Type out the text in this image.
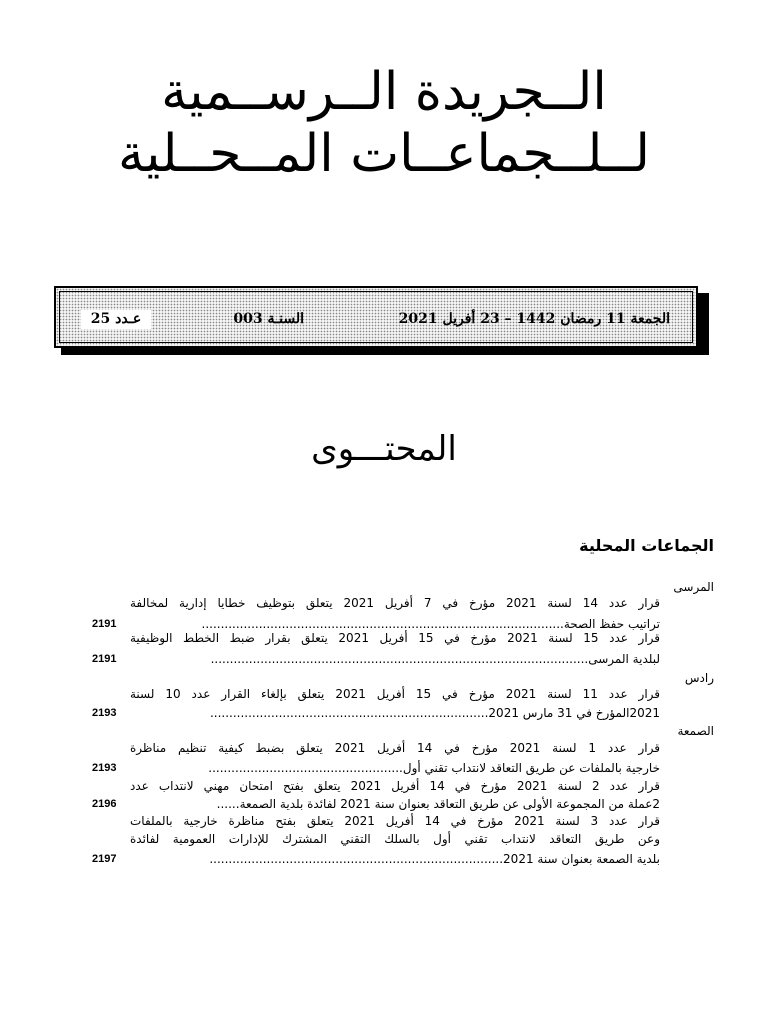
الــجريدة الــرســمية
لــلــجماعــات المــحــلية
الجمعة 11 رمضان 1442 – 23 أفريل 2021
السنـة 003
عـدد 25
المحتـــوى
الجماعات المحلية
المرسى
قرار عدد 14 لسنة 2021 مؤرخ في 7 أفريل 2021 يتعلق بتوظيف خطايا إدارية لمخالفة
تراتيب حفظ الصحة...............................................................................................
2191
قرار عدد 15 لسنة 2021 مؤرخ في 15 أفريل 2021 يتعلق بقرار ضبط الخطط الوظيفية
لبلدية المرسى...................................................................................................
2191
رادس
قرار عدد 11 لسنة 2021 مؤرخ في 15 أفريل 2021 يتعلق بإلغاء القرار عدد 10 لسنة
2021المؤرخ في 31 مارس 2021.........................................................................
2193
الصمعة
قرار عدد 1 لسنة 2021 مؤرخ في 14 أفريل 2021 يتعلق بضبط كيفية تنظيم مناظرة
خارجية بالملفات عن طريق التعاقد لانتداب تقني أول...................................................
2193
قرار عدد 2 لسنة 2021 مؤرخ في 14 أفريل 2021 يتعلق بفتح امتحان مهني لانتداب عدد
2عملة من المجموعة الأولى عن طريق التعاقد بعنوان سنة 2021 لفائدة بلدية الصمعة......
2196
قرار عدد 3 لسنة 2021 مؤرخ في 14 أفريل 2021 يتعلق بفتح مناظرة خارجية بالملفات
وعن طريق التعاقد لانتداب تقني أول بالسلك التقني المشترك للإدارات العمومية لفائدة
بلدية الصمعة بعنوان سنة 2021.............................................................................
2197
